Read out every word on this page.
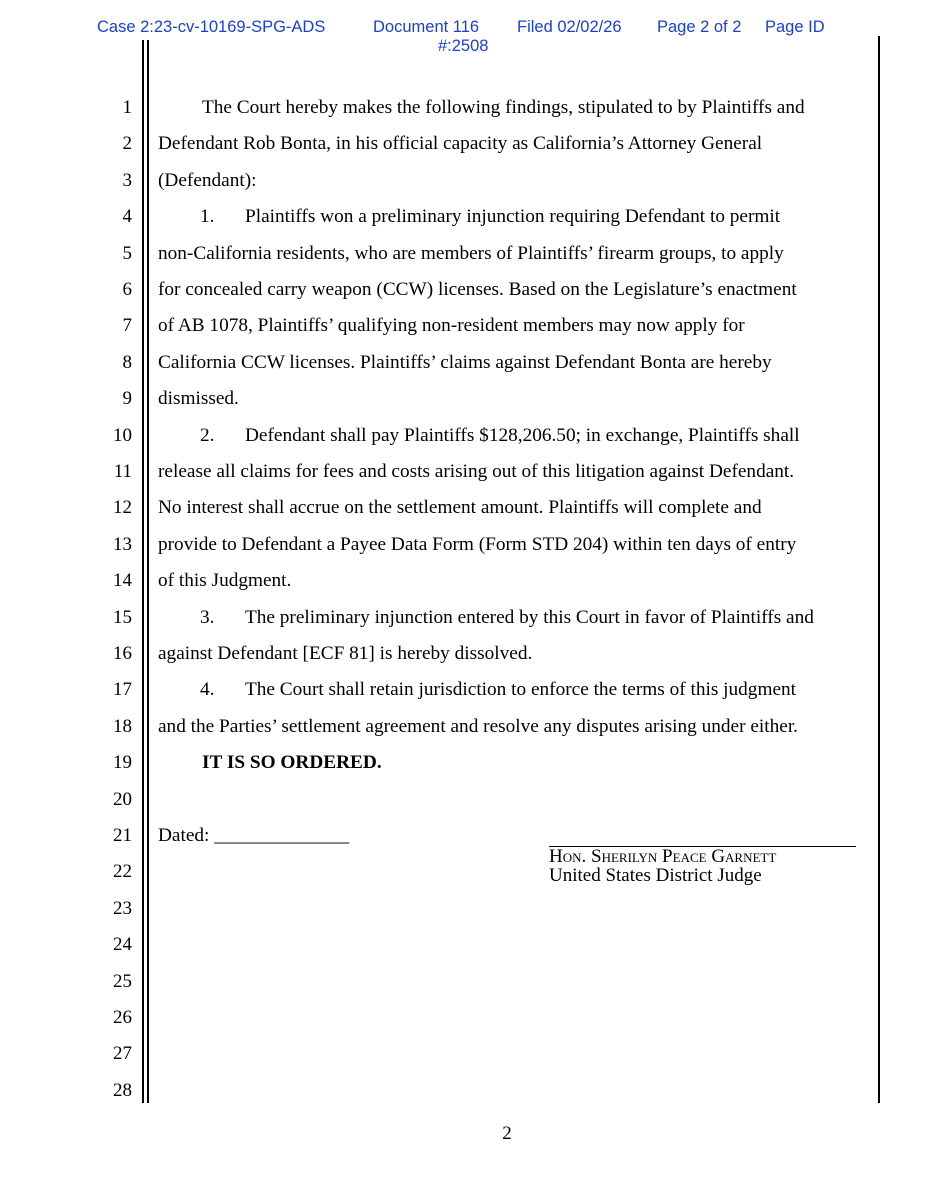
Case 2:23-cv-10169-SPG-ADS	Document 116 Filed 02/02/26 Page 2 of 2 Page ID
#:2508
1
2
3
4
5
6
7
8
9
10
11
12
13
14
15
16
17
18
19
20
21
22
23
24
25
26
27
28
The Court hereby makes the following findings, stipulated to by Plaintiffs and
Defendant Rob Bonta, in his official capacity as California’s Attorney General
(Defendant):
1. Plaintiffs won a preliminary injunction requiring Defendant to permit
non-California residents, who are members of Plaintiffs’ firearm groups, to apply
for concealed carry weapon (CCW) licenses. Based on the Legislature’s enactment
of AB 1078, Plaintiffs’ qualifying non-resident members may now apply for
California CCW licenses. Plaintiffs’ claims against Defendant Bonta are hereby
dismissed.
2. Defendant shall pay Plaintiffs $128,206.50; in exchange, Plaintiffs shall
release all claims for fees and costs arising out of this litigation against Defendant.
No interest shall accrue on the settlement amount. Plaintiffs will complete and
provide to Defendant a Payee Data Form (Form STD 204) within ten days of entry
of this Judgment.
3. The preliminary injunction entered by this Court in favor of Plaintiffs and
against Defendant [ECF 81] is hereby dissolved.
4. The Court shall retain jurisdiction to enforce the terms of this judgment
and the Parties’ settlement agreement and resolve any disputes arising under either.
IT IS SO ORDERED.
Dated: ______________
Hon. Sherilyn Peace Garnett
United States District Judge
2
